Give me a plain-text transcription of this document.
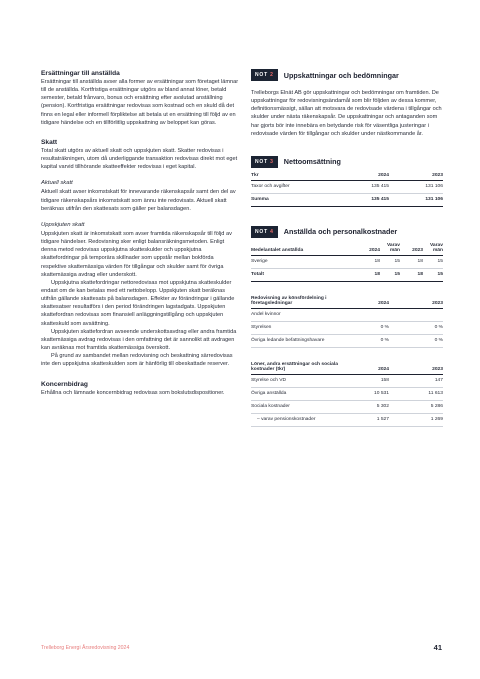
Ersättningar till anställda

Ersättningar till anställda avser alla former av ersättningar som företaget lämnar till de anställda. Kortfristiga ersättningar utgörs av bland annat löner, betald semester, betald frånvaro, bonus och ersättning efter avslutad anställning (pension). Kortfristiga ersättningar redovisas som kostnad och en skuld då det finns en legal eller informell förpliktelse att betala ut en ersättning till följd av en tidigare händelse och en tillförlitlig uppskattning av beloppet kan göras.

Skatt

Total skatt utgörs av aktuell skatt och uppskjuten skatt. Skatter redovisas i resultaträkningen, utom då underliggande transaktion redovisas direkt mot eget kapital varvid tillhörande skatteeffekter redovisas i eget kapital.

Aktuell skatt

Aktuell skatt avser inkomstskatt för innevarande räkenskapsår samt den del av tidigare räkenskapsårs inkomstskatt som ännu inte redovisats. Aktuell skatt beräknas utifrån den skattesats som gäller per balansdagen.

Uppskjuten skatt

Uppskjuten skatt är inkomstskatt som avser framtida räkenskapsår till följd av tidigare händelser. Redovisning sker enligt balansräkningsmetoden. Enligt denna metod redovisas uppskjutna skatteskulder och uppskjutna skattefordringar på temporära skillnader som uppstår mellan bokförda respektive skattemässiga värden för tillgångar och skulder samt för övriga skattemässiga avdrag eller underskott.

Uppskjutna skattefordringar nettoredovisas mot uppskjutna skatteskulder endast om de kan betalas med ett nettobelopp. Uppskjuten skatt beräknas utifrån gällande skattesats på balansdagen. Effekter av förändringar i gällande skattesatser resultatförs i den period förändringen lagstadgats. Uppskjuten skattefordran redovisas som finansiell anläggningstillgång och uppskjuten skatteskuld som avsättning.

Uppskjuten skattefordran avseende underskottsavdrag eller andra framtida skattemässiga avdrag redovisas i den omfattning det är sannolikt att avdragen kan avräknas mot framtida skattemässiga överskott.

På grund av sambandet mellan redovisning och beskattning särredovisas inte den uppskjutna skatteskulden som är hänförlig till obeskattade reserver.

Koncernbidrag

Erhållna och lämnade koncernbidrag redovisas som bokslutsdispositioner.

NOT 2	Uppskattningar och bedömningar

Trelleborgs Elnät AB gör uppskattningar och bedömningar om framtiden. De uppskattningar för redovisningsändamål som blir följden av dessa kommer, definitionsmässigt, sällan att motsvara de redovisade värdena i tillgångar och skulder under nästa räkenskapsår. De uppskattningar och antaganden som har gjorts bör inte innebära en betydande risk för väsentliga justeringar i redovisade värden för tillgångar och skulder under nästkommande år.

NOT 3	Nettoomsättning
Tkr	2024	2023
Taxor och avgifter	135 415	131 106
Summa	135 415	131 106
NOT 4	Anställda och personalkostnader
Medelantalet anställda	2024	Varav män	2023	Varav män
Sverige	18	15	18	15
Totalt	18	15	18	15
Redovisning av könsfördelning i företagsledningar	2024	2023
Andel kvinnor		
Styrelsen	0 %	0 %
Övriga ledande befattningshavare	0 %	0 %
Löner, andra ersättningar och sociala kostnader (tkr)	2024	2023
Styrelse och VD	158	147
Övriga anställda	10 531	11 613
Sociala kostnader	5 302	5 286
– varav pensionskostnader	1 527	1 269
Trelleborg Energi Årsredovisning 2024	41
